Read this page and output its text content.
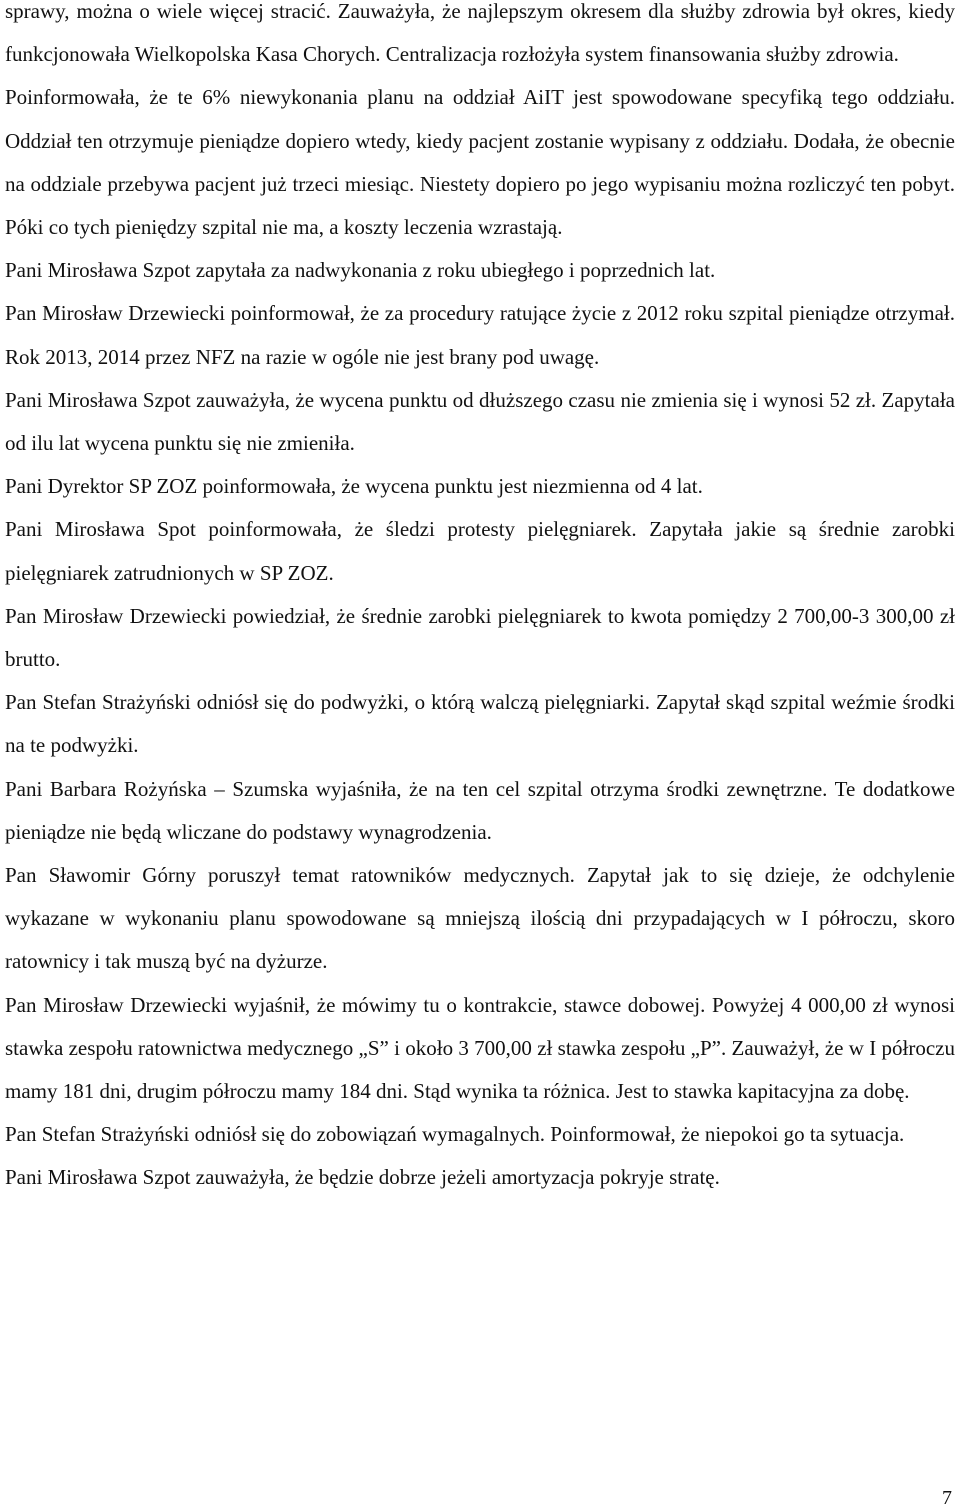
sprawy, można o wiele więcej stracić. Zauważyła, że najlepszym okresem dla służby zdrowia był okres, kiedy funkcjonowała Wielkopolska Kasa Chorych. Centralizacja rozłożyła system finansowania służby zdrowia.

Poinformowała, że te 6% niewykonania planu na oddział AiIT jest spowodowane specyfiką tego oddziału. Oddział ten otrzymuje pieniądze dopiero wtedy, kiedy pacjent zostanie wypisany z oddziału. Dodała, że obecnie na oddziale przebywa pacjent już trzeci miesiąc. Niestety dopiero po jego wypisaniu można rozliczyć ten pobyt. Póki co tych pieniędzy szpital nie ma, a koszty leczenia wzrastają.

Pani Mirosława Szpot zapytała za nadwykonania z roku ubiegłego i poprzednich lat.

Pan Mirosław Drzewiecki poinformował, że za procedury ratujące życie z 2012 roku szpital pieniądze otrzymał. Rok 2013, 2014 przez NFZ na razie w ogóle nie jest brany pod uwagę.

Pani Mirosława Szpot zauważyła, że wycena punktu od dłuższego czasu nie zmienia się i wynosi 52 zł. Zapytała od ilu lat wycena punktu się nie zmieniła.

Pani Dyrektor SP ZOZ poinformowała, że wycena punktu jest niezmienna od 4 lat.

Pani Mirosława Spot poinformowała, że śledzi protesty pielęgniarek. Zapytała jakie są średnie zarobki pielęgniarek zatrudnionych w SP ZOZ.

Pan Mirosław Drzewiecki powiedział, że średnie zarobki pielęgniarek to kwota pomiędzy 2 700,00-3 300,00 zł brutto.

Pan Stefan Strażyński odniósł się do podwyżki, o którą walczą pielęgniarki. Zapytał skąd szpital weźmie środki na te podwyżki.

Pani Barbara Rożyńska – Szumska wyjaśniła, że na ten cel szpital otrzyma środki zewnętrzne. Te dodatkowe pieniądze nie będą wliczane do podstawy wynagrodzenia.

Pan Sławomir Górny poruszył temat ratowników medycznych. Zapytał jak to się dzieje, że odchylenie wykazane w wykonaniu planu spowodowane są mniejszą ilością dni przypadających w I półroczu, skoro ratownicy i tak muszą być na dyżurze.

Pan Mirosław Drzewiecki wyjaśnił, że mówimy tu o kontrakcie, stawce dobowej. Powyżej 4 000,00 zł wynosi stawka zespołu ratownictwa medycznego „S” i około 3 700,00 zł stawka zespołu „P”. Zauważył, że w I półroczu mamy 181 dni, drugim półroczu mamy 184 dni. Stąd wynika ta różnica. Jest to stawka kapitacyjna za dobę.

Pan Stefan Strażyński odniósł się do zobowiązań wymagalnych. Poinformował, że niepokoi go ta sytuacja.

Pani Mirosława Szpot zauważyła, że będzie dobrze jeżeli amortyzacja pokryje stratę.

7
